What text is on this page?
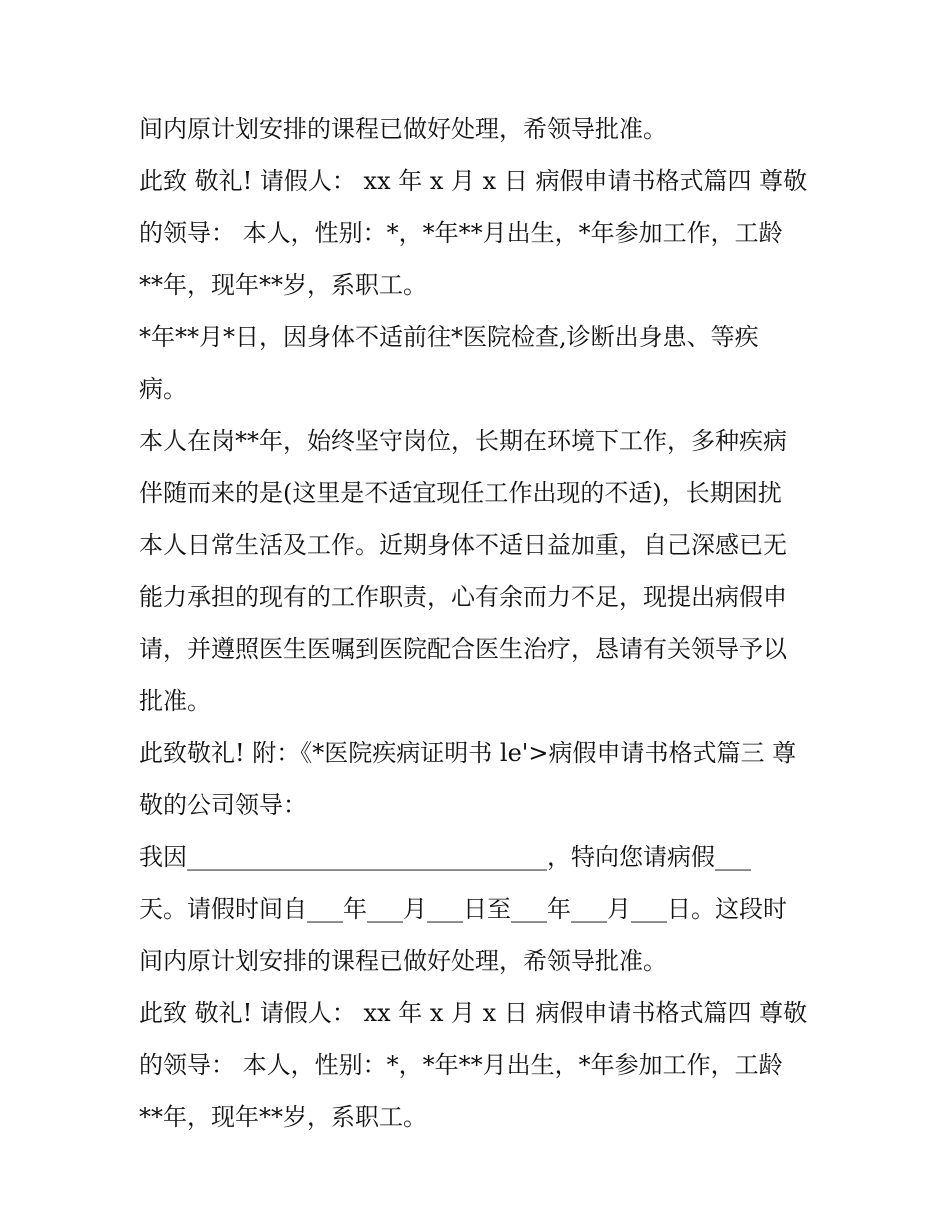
间内原计划安排的课程已做好处理，希领导批准。
此致 敬礼! 请假人： xx 年 x 月 x 日 病假申请书格式篇四 尊敬
的领导： 本人，性别：*，*年**月出生，*年参加工作，工龄
**年，现年**岁，系职工。
*年**月*日，因身体不适前往*医院检查,诊断出身患、等疾
病。
本人在岗**年，始终坚守岗位，长期在环境下工作，多种疾病
伴随而来的是(这里是不适宜现任工作出现的不适)，长期困扰
本人日常生活及工作。近期身体不适日益加重，自己深感已无
能力承担的现有的工作职责，心有余而力不足，现提出病假申
请，并遵照医生医嘱到医院配合医生治疗，恳请有关领导予以
批准。
此致敬礼! 附：《*医院疾病证明书 le'>病假申请书格式篇三 尊
敬的公司领导：
我因______________________________，特向您请病假___
天。请假时间自___年___月___日至___年___月___日。这段时
间内原计划安排的课程已做好处理，希领导批准。
此致 敬礼! 请假人： xx 年 x 月 x 日 病假申请书格式篇四 尊敬
的领导： 本人，性别：*，*年**月出生，*年参加工作，工龄
**年，现年**岁，系职工。
